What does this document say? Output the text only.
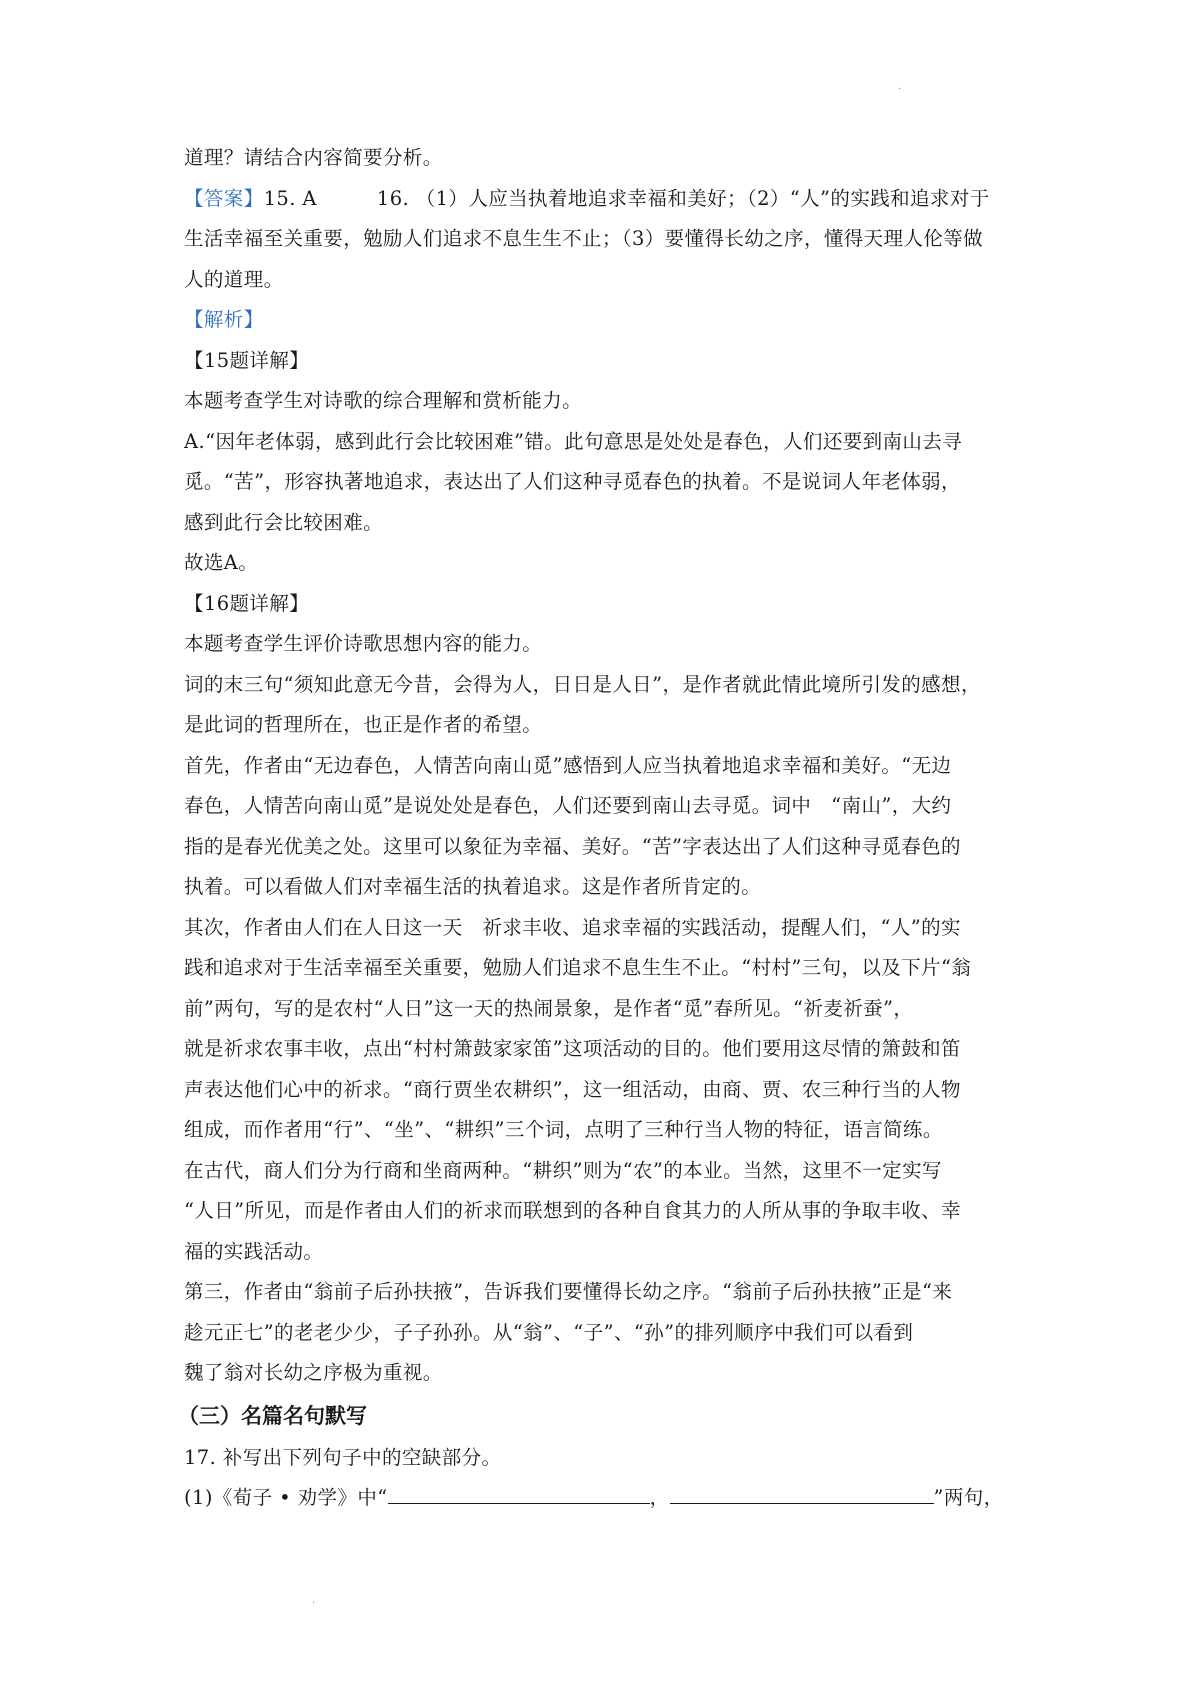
道理？请结合内容简要分析。
【答案】15. A	16. （1）人应当执着地追求幸福和美好；（2）“人”的实践和追求对于
生活幸福至关重要，勉励人们追求不息生生不止；（3）要懂得长幼之序，懂得天理人伦等做
人的道理。
【解析】
【15题详解】
本题考查学生对诗歌的综合理解和赏析能力。
A.“因年老体弱，感到此行会比较困难”错。此句意思是处处是春色，人们还要到南山去寻
觅。“苦”，形容执著地追求，表达出了人们这种寻觅春色的执着。不是说词人年老体弱，
感到此行会比较困难。
故选A。
【16题详解】
本题考查学生评价诗歌思想内容的能力。
词的末三句“须知此意无今昔，会得为人，日日是人日”，是作者就此情此境所引发的感想，
是此词的哲理所在，也正是作者的希望。
首先，作者由“无边春色，人情苦向南山觅”感悟到人应当执着地追求幸福和美好。“无边
春色，人情苦向南山觅”是说处处是春色，人们还要到南山去寻觅。词中　“南山”，大约
指的是春光优美之处。这里可以象征为幸福、美好。“苦”字表达出了人们这种寻觅春色的
执着。可以看做人们对幸福生活的执着追求。这是作者所肯定的。
其次，作者由人们在人日这一天　祈求丰收、追求幸福的实践活动，提醒人们，“人”的实
践和追求对于生活幸福至关重要，勉励人们追求不息生生不止。“村村”三句，以及下片“翁
前”两句，写的是农村“人日”这一天的热闹景象，是作者“觅”春所见。“祈麦祈蚕”，
就是祈求农事丰收，点出“村村箫鼓家家笛”这项活动的目的。他们要用这尽情的箫鼓和笛
声表达他们心中的祈求。“商行贾坐农耕织”，这一组活动，由商、贾、农三种行当的人物
组成，而作者用“行”、“坐”、“耕织”三个词，点明了三种行当人物的特征，语言简练。
在古代，商人们分为行商和坐商两种。“耕织”则为“农”的本业。当然，这里不一定实写
“人日”所见，而是作者由人们的祈求而联想到的各种自食其力的人所从事的争取丰收、幸
福的实践活动。
第三，作者由“翁前子后孙扶掖”，告诉我们要懂得长幼之序。“翁前子后孙扶掖”正是“来
趁元正七”的老老少少，子子孙孙。从“翁”、“子”、“孙”的排列顺序中我们可以看到
魏了翁对长幼之序极为重视。
（三）名篇名句默写
17. 补写出下列句子中的空缺部分。
(1)《荀子 • 劝学》中“	，	”两句，
·
·
